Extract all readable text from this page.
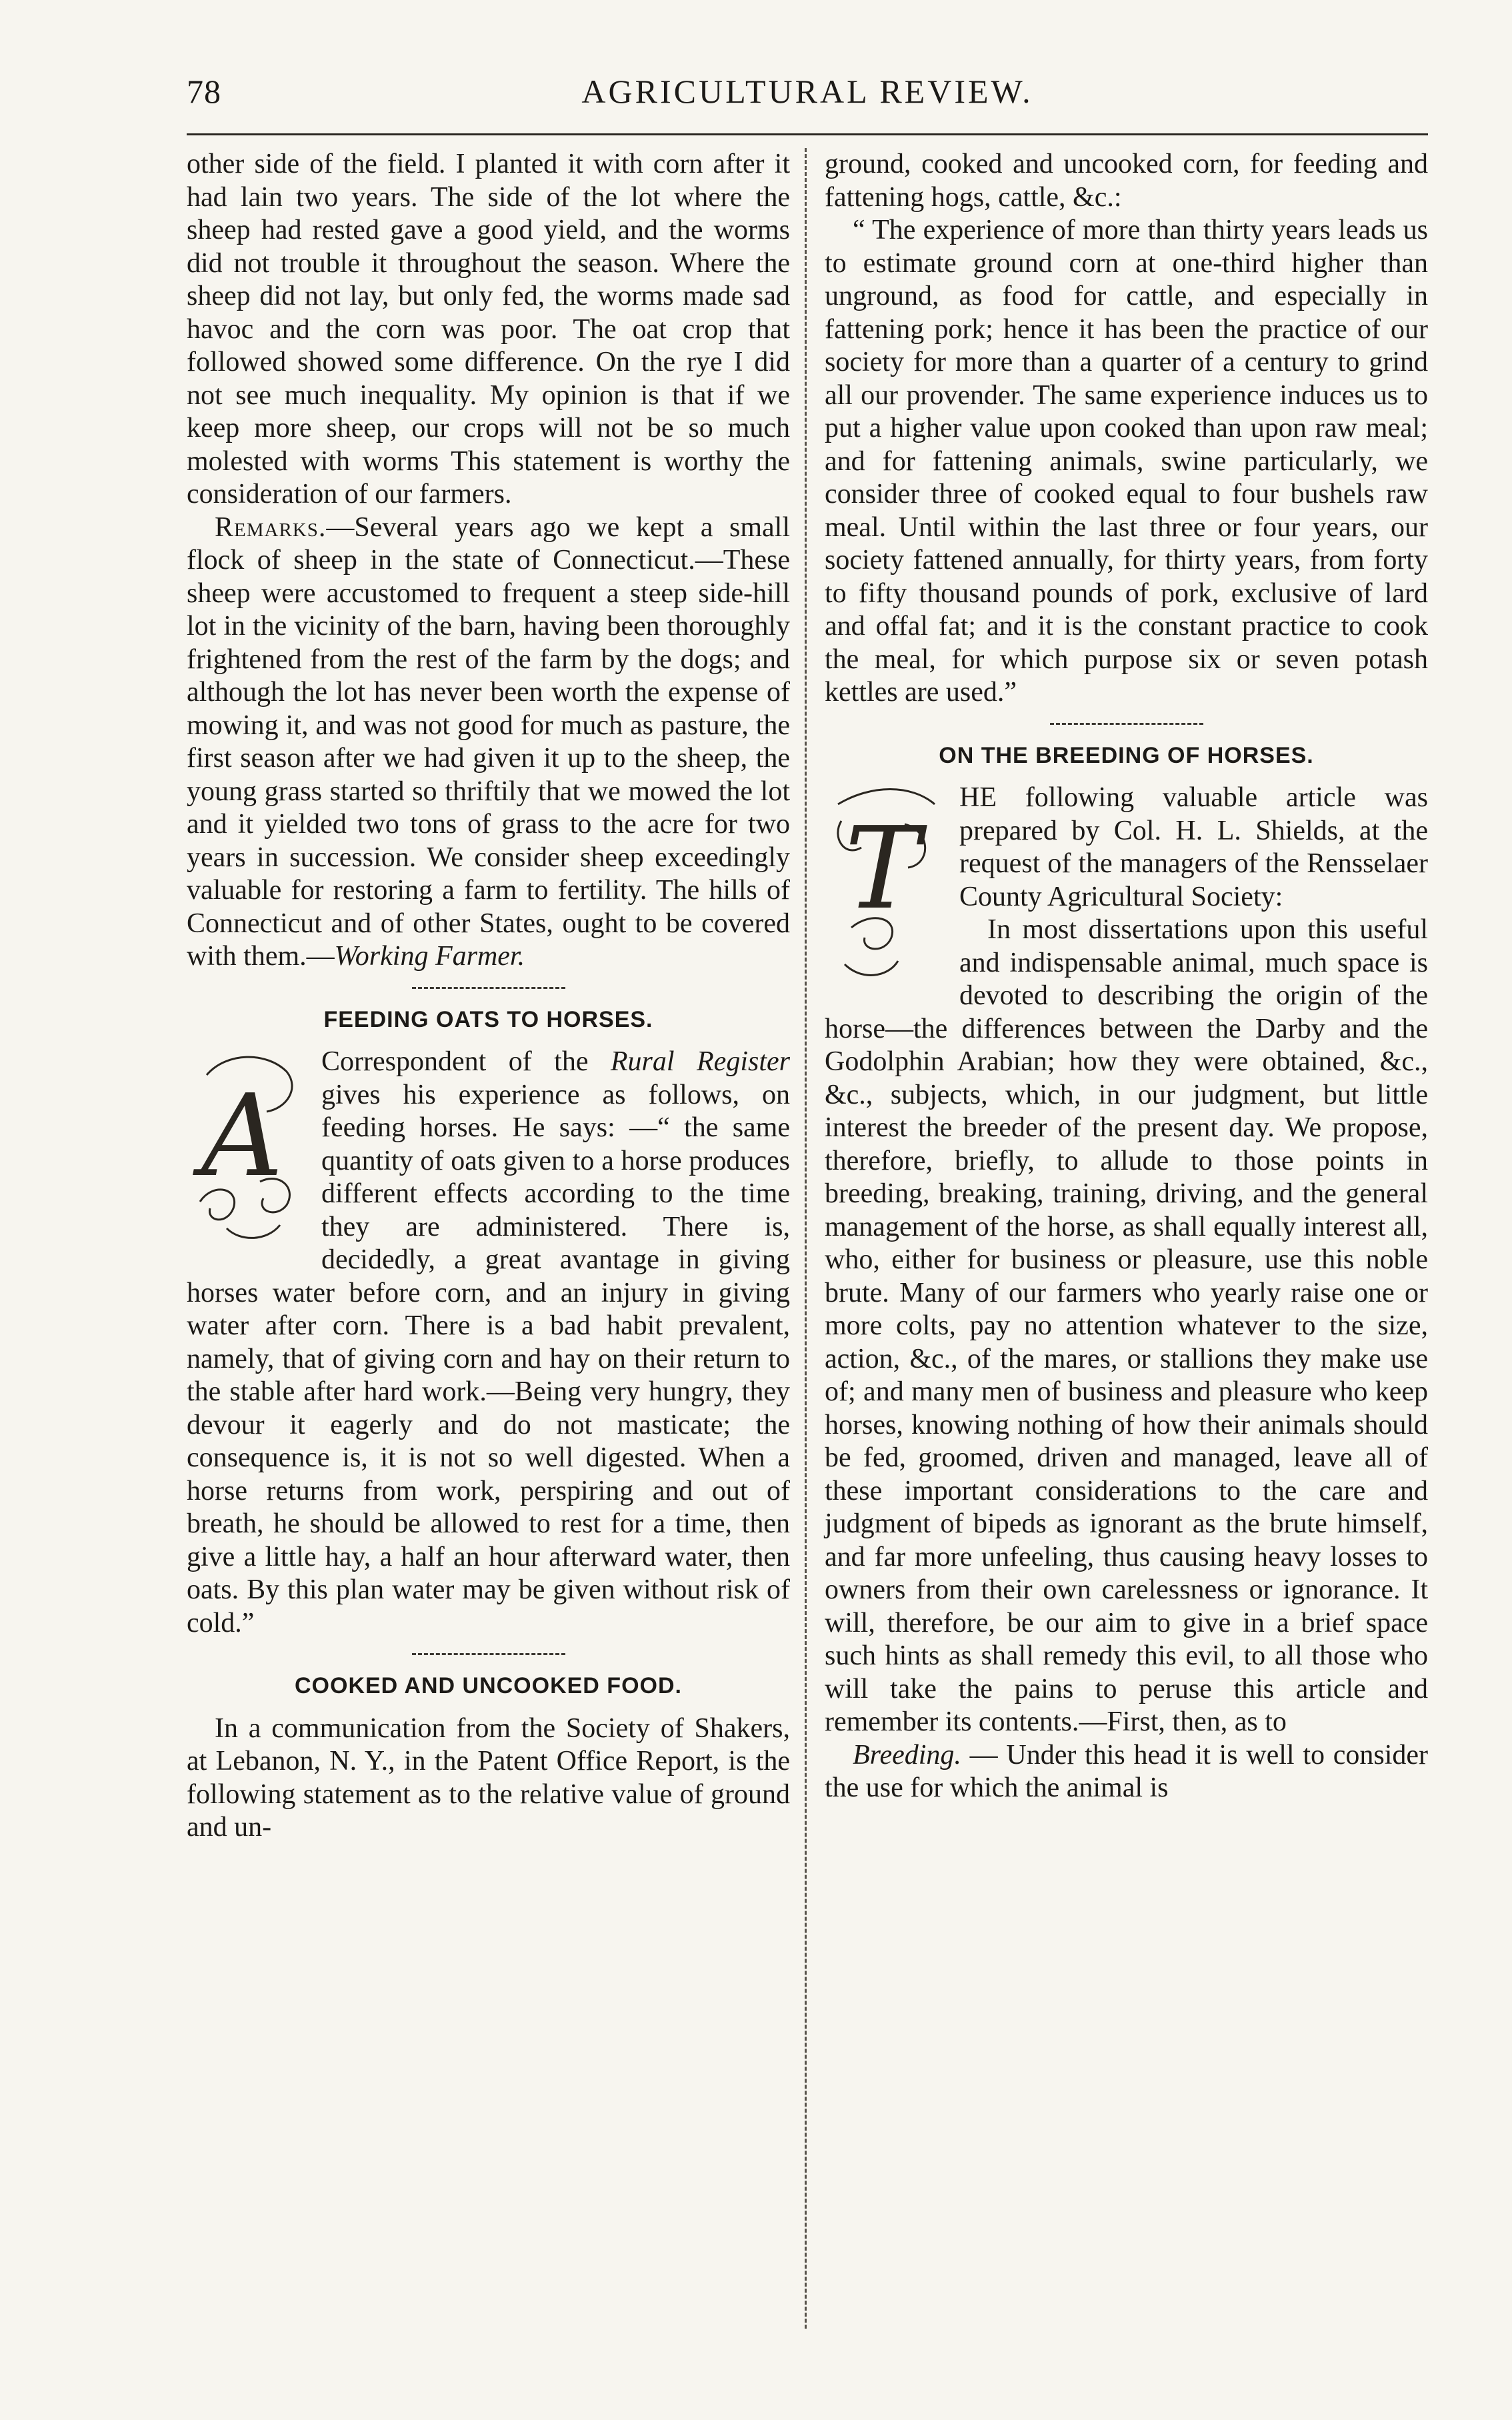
78	AGRICULTURAL REVIEW.

other side of the field. I planted it with corn after it had lain two years. The side of the lot where the sheep had rested gave a good yield, and the worms did not trouble it throughout the season. Where the sheep did not lay, but only fed, the worms made sad havoc and the corn was poor. The oat crop that followed showed some difference. On the rye I did not see much inequality. My opinion is that if we keep more sheep, our crops will not be so much molested with worms This statement is worthy the consideration of our farmers.

Remarks.—Several years ago we kept a small flock of sheep in the state of Connecticut.—These sheep were accustomed to frequent a steep side-hill lot in the vicinity of the barn, having been thoroughly frightened from the rest of the farm by the dogs; and although the lot has never been worth the expense of mowing it, and was not good for much as pasture, the first season after we had given it up to the sheep, the young grass started so thriftily that we mowed the lot and it yielded two tons of grass to the acre for two years in succession. We consider sheep exceedingly valuable for restoring a farm to fertility. The hills of Connecticut and of other States, ought to be covered with them.—Working Farmer.

FEEDING OATS TO HORSES.
A

Correspondent of the Rural Register gives his experience as follows, on feeding horses. He says: —“ the same quantity of oats given to a horse produces different effects according to the time they are administered. There is, decidedly, a great avantage in giving horses water before corn, and an injury in giving water after corn. There is a bad habit prevalent, namely, that of giving corn and hay on their return to the stable after hard work.—Being very hungry, they devour it eagerly and do not masticate; the consequence is, it is not so well digested. When a horse returns from work, perspiring and out of breath, he should be allowed to rest for a time, then give a little hay, a half an hour afterward water, then oats. By this plan water may be given without risk of cold.”

COOKED AND UNCOOKED FOOD.

In a communication from the Society of Shakers, at Lebanon, N. Y., in the Patent Office Report, is the following statement as to the relative value of ground and un-

ground, cooked and uncooked corn, for feeding and fattening hogs, cattle, &c.:

“ The experience of more than thirty years leads us to estimate ground corn at one-third higher than unground, as food for cattle, and especially in fattening pork; hence it has been the practice of our society for more than a quarter of a century to grind all our provender. The same experience induces us to put a higher value upon cooked than upon raw meal; and for fattening animals, swine particularly, we consider three of cooked equal to four bushels raw meal. Until within the last three or four years, our society fattened annually, for thirty years, from forty to fifty thousand pounds of pork, exclusive of lard and offal fat; and it is the constant practice to cook the meal, for which purpose six or seven potash kettles are used.”

ON THE BREEDING OF HORSES.
T

HE following valuable article was prepared by Col. H. L. Shields, at the request of the managers of the Rensselaer County Agricultural Society:

In most dissertations upon this useful and indispensable animal, much space is devoted to describing the origin of the horse—the differences between the Darby and the Godolphin Arabian; how they were obtained, &c., &c., subjects, which, in our judgment, but little interest the breeder of the present day. We propose, therefore, briefly, to allude to those points in breeding, breaking, training, driving, and the general management of the horse, as shall equally interest all, who, either for business or pleasure, use this noble brute. Many of our farmers who yearly raise one or more colts, pay no attention whatever to the size, action, &c., of the mares, or stallions they make use of; and many men of business and pleasure who keep horses, knowing nothing of how their animals should be fed, groomed, driven and managed, leave all of these important considerations to the care and judgment of bipeds as ignorant as the brute himself, and far more unfeeling, thus causing heavy losses to owners from their own carelessness or ignorance. It will, therefore, be our aim to give in a brief space such hints as shall remedy this evil, to all those who will take the pains to peruse this article and remember its contents.—First, then, as to

Breeding. — Under this head it is well to consider the use for which the animal is
